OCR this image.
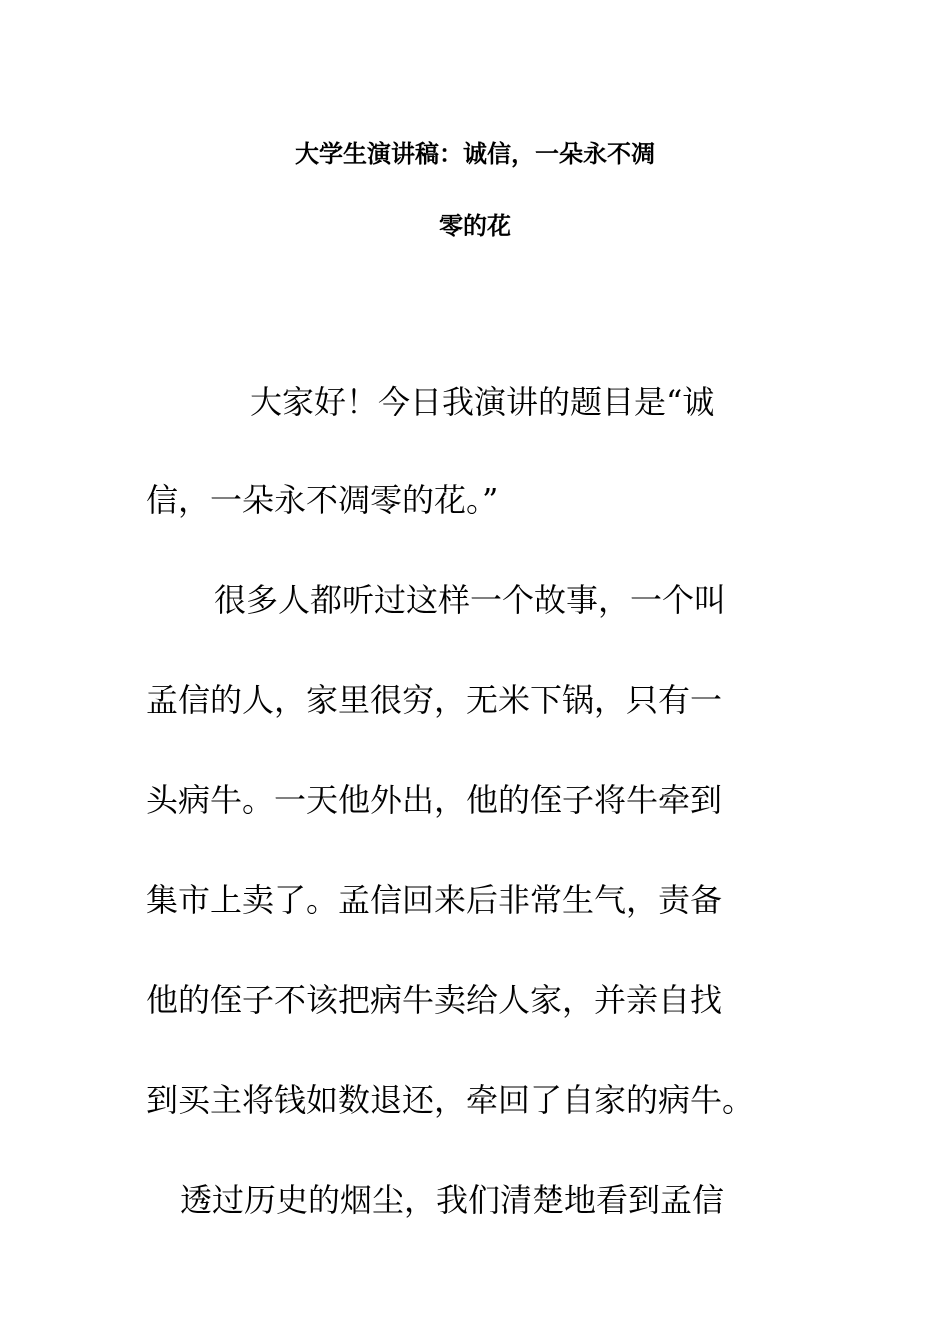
大学生演讲稿：诚信，一朵永不凋
零的花
大家好！今日我演讲的题目是“诚
信，一朵永不凋零的花。”
很多人都听过这样一个故事，一个叫
孟信的人，家里很穷，无米下锅，只有一
头病牛。一天他外出，他的侄子将牛牵到
集市上卖了。孟信回来后非常生气，责备
他的侄子不该把病牛卖给人家，并亲自找
到买主将钱如数退还，牵回了自家的病牛。
透过历史的烟尘，我们清楚地看到孟信
